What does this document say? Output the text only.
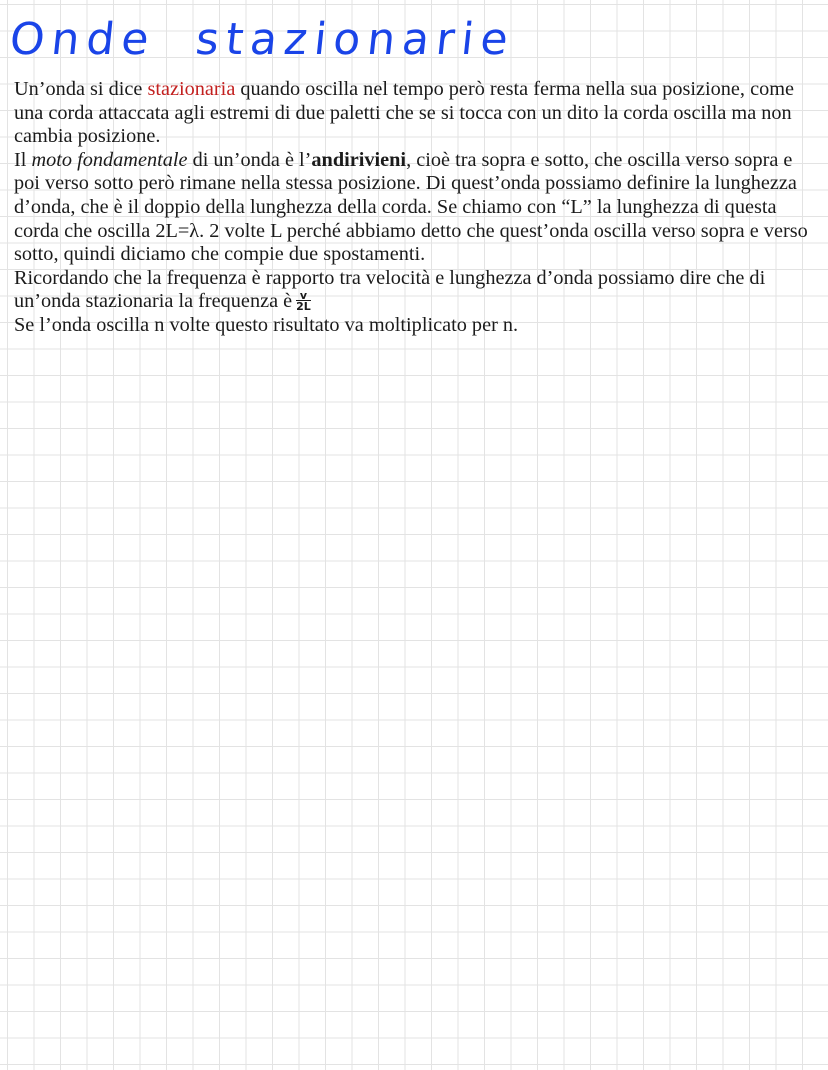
Onde stazionarie

Un’onda si dice stazionaria quando oscilla nel tempo però resta ferma nella sua posizione, come una corda attaccata agli estremi di due paletti che se si tocca con un dito la corda oscilla ma non cambia posizione.

Il moto fondamentale di un’onda è l’andirivieni, cioè tra sopra e sotto, che oscilla verso sopra e poi verso sotto però rimane nella stessa posizione. Di quest’onda possiamo definire la lunghezza d’onda, che è il doppio della lunghezza della corda. Se chiamo con “L” la lunghezza di questa corda che oscilla 2L=λ. 2 volte L perché abbiamo detto che quest’onda oscilla verso sopra e verso sotto, quindi diciamo che compie due spostamenti.

Ricordando che la frequenza è rapporto tra velocità e lunghezza d’onda possiamo dire che di un’onda stazionaria la frequenza è $\frac{v}{2L}$

Se l’onda oscilla n volte questo risultato va moltiplicato per n.
